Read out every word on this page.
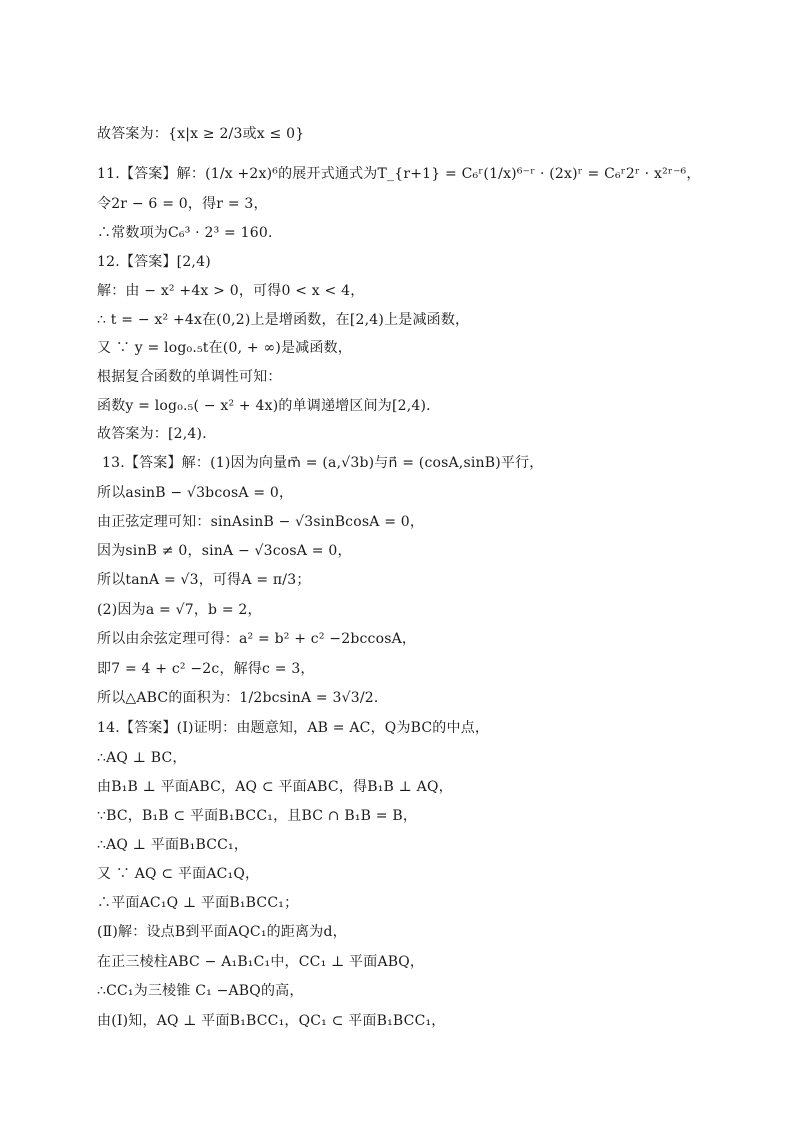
故答案为：{x|x ≥ 2/3或x ≤ 0}
11.【答案】解：(1/x +2x)⁶的展开式通式为T_{r+1} = C₆ʳ(1/x)⁶⁻ʳ · (2x)ʳ = C₆ʳ2ʳ · x²ʳ⁻⁶，
令2r − 6 = 0，得r = 3，
∴常数项为C₆³ · 2³ = 160．
12.【答案】[2,4)
解：由 − x² +4x > 0，可得0 < x < 4，
∴ t = − x² +4x在(0,2)上是增函数，在[2,4)上是减函数，
又 ∵ y = log₀.₅t在(0, + ∞)是减函数，
根据复合函数的单调性可知：
函数y = log₀.₅( − x² + 4x)的单调递增区间为[2,4)．
故答案为：[2,4)．
13.【答案】解：(1)因为向量m⃗ = (a,√3b)与n⃗ = (cosA,sinB)平行，
所以asinB − √3bcosA = 0，
由正弦定理可知：sinAsinB − √3sinBcosA = 0，
因为sinB ≠ 0，sinA − √3cosA = 0，
所以tanA = √3，可得A = π/3；
(2)因为a = √7，b = 2，
所以由余弦定理可得：a² = b² + c² −2bccosA，
即7 = 4 + c² −2c，解得c = 3，
所以△ABC的面积为：1/2bcsinA = 3√3/2．
14.【答案】(Ⅰ)证明：由题意知，AB = AC，Q为BC的中点，
∴AQ ⊥ BC，
由B₁B ⊥ 平面ABC，AQ ⊂ 平面ABC，得B₁B ⊥ AQ，
∵BC，B₁B ⊂ 平面B₁BCC₁，且BC ∩ B₁B = B，
∴AQ ⊥ 平面B₁BCC₁，
又 ∵ AQ ⊂ 平面AC₁Q，
∴平面AC₁Q ⊥ 平面B₁BCC₁；
(Ⅱ)解：设点B到平面AQC₁的距离为d，
在正三棱柱ABC − A₁B₁C₁中，CC₁ ⊥ 平面ABQ，
∴CC₁为三棱锥 C₁ −ABQ的高，
由(Ⅰ)知，AQ ⊥ 平面B₁BCC₁，QC₁ ⊂ 平面B₁BCC₁，
